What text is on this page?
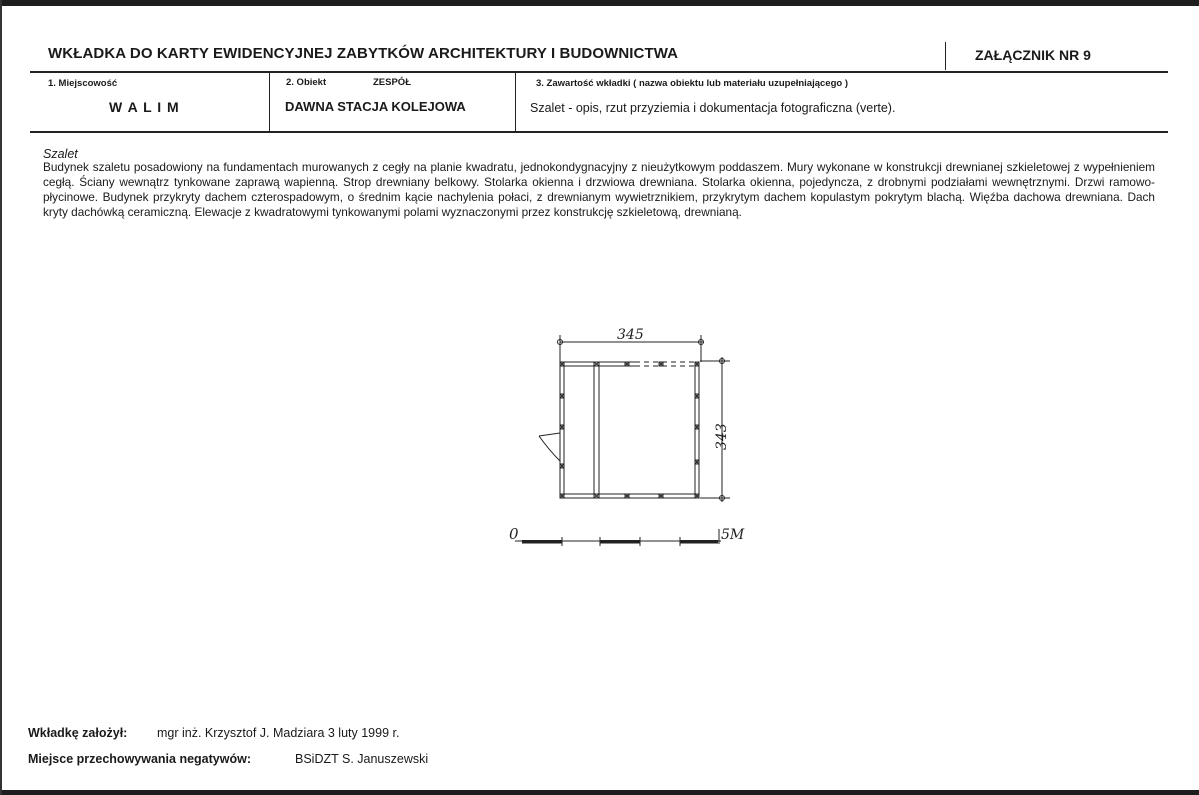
WKŁADKA DO KARTY EWIDENCYJNEJ ZABYTKÓW ARCHITEKTURY I BUDOWNICTWA	ZAŁĄCZNIK NR 9
1. Miejscowość
W A L I M
2. Obiekt	ZESPÓŁ
DAWNA STACJA KOLEJOWA
3. Zawartość wkładki ( nazwa obiektu lub materiału uzupełniającego )
Szalet - opis, rzut przyziemia i dokumentacja fotograficzna (verte).
Szalet
Budynek szaletu posadowiony na fundamentach murowanych z cegły na planie kwadratu, jednokondygnacyjny z nieużytkowym poddaszem. Mury wykonane w konstrukcji drewnianej szkieletowej z wypełnieniem cegłą. Ściany wewnątrz tynkowane zaprawą wapienną. Strop drewniany belkowy. Stolarka okienna i drzwiowa drewniana. Stolarka okienna, pojedyncza, z drobnymi podziałami wewnętrznymi. Drzwi ramowo-płycinowe. Budynek przykryty dachem czterospadowym, o średnim kącie nachylenia połaci, z drewnianym wywietrznikiem, przykrytym dachem kopulastym pokrytym blachą. Więźba dachowa drewniana. Dach kryty dachówką ceramiczną. Elewacje z kwadratowymi tynkowanymi polami wyznaczonymi przez konstrukcję szkieletową, drewnianą.
345
343
0	5M
Wkładkę założył: mgr inż. Krzysztof J. Madziara 3 luty 1999 r.
Miejsce przechowywania negatywów:	BSiDZT S. Januszewski
